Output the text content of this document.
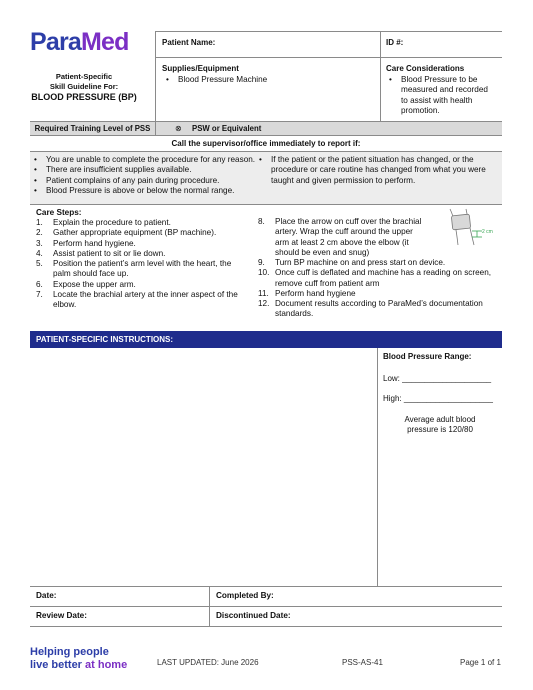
ParaMed
Patient-Specific
Skill Guideline For:
BLOOD PRESSURE (BP)
Patient Name:	ID #:
Supplies/Equipment
• Blood Pressure Machine
Care Considerations
• Blood Pressure to be measured and recorded to assist with health promotion.
Required Training Level of PSS	⊗ PSW or Equivalent
Call the supervisor/office immediately to report if:
• You are unable to complete the procedure for any reason.
• There are insufficient supplies available.
• Patient complains of any pain during procedure.
• Blood Pressure is above or below the normal range.
• If the patient or the patient situation has changed, or the procedure or care routine has changed from what you were taught and given permission to perform.
Care Steps:
1. Explain the procedure to patient.
2. Gather appropriate equipment (BP machine).
3. Perform hand hygiene.
4. Assist patient to sit or lie down.
5. Position the patient’s arm level with the heart, the palm should face up.
6. Expose the upper arm.
7. Locate the brachial artery at the inner aspect of the elbow.
8. Place the arrow on cuff over the brachial artery. Wrap the cuff around the upper arm at least 2 cm above the elbow (it should be even and snug)
9. Turn BP machine on and press start on device.
10. Once cuff is deflated and machine has a reading on screen, remove cuff from patient arm
11. Perform hand hygiene
12. Document results according to ParaMed’s documentation standards.
2 cm
PATIENT-SPECIFIC INSTRUCTIONS:
Blood Pressure Range:
Low: ____________________
High: ____________________
Average adult blood pressure is 120/80
Date:	Completed By:
Review Date:	Discontinued Date:
Helping people
live better at home	LAST UPDATED: June 2026	PSS-AS-41	Page 1 of 1
